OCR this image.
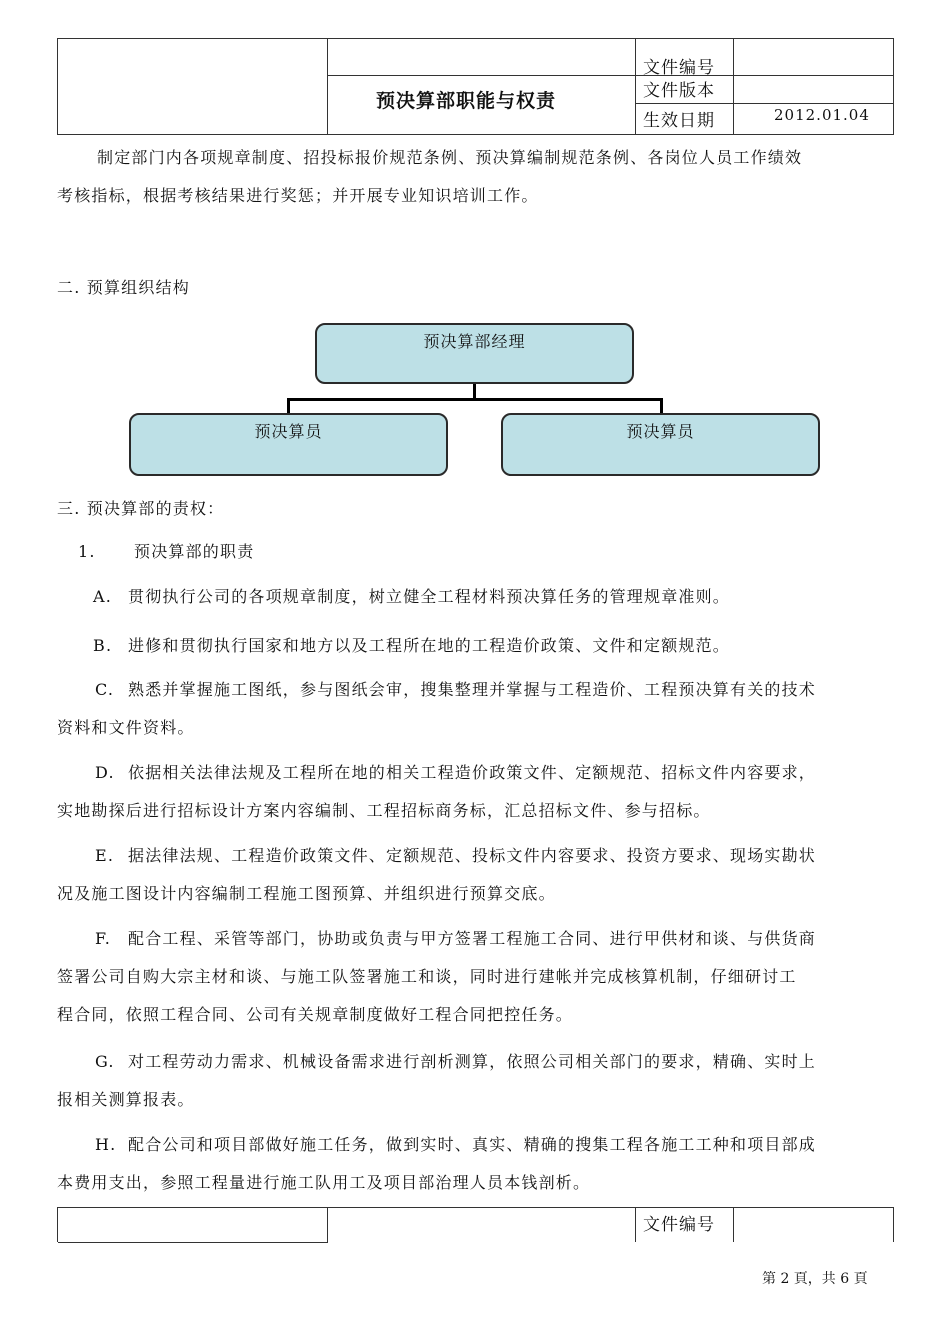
预决算部职能与权责
文件编号
文件版本
生效日期	2012.01.04
制定部门内各项规章制度、招投标报价规范条例、预决算编制规范条例、各岗位人员工作绩效
考核指标，根据考核结果进行奖惩；并开展专业知识培训工作。
二. 预算组织结构
预决算部经理
预决算员	预决算员
三. 预决算部的责权：
1. 预决算部的职责
A. 贯彻执行公司的各项规章制度，树立健全工程材料预决算任务的管理规章准则。
B. 进修和贯彻执行国家和地方以及工程所在地的工程造价政策、文件和定额规范。
C. 熟悉并掌握施工图纸，参与图纸会审，搜集整理并掌握与工程造价、工程预决算有关的技术
资料和文件资料。
D. 依据相关法律法规及工程所在地的相关工程造价政策文件、定额规范、招标文件内容要求，
实地勘探后进行招标设计方案内容编制、工程招标商务标，汇总招标文件、参与招标。
E. 据法律法规、工程造价政策文件、定额规范、投标文件内容要求、投资方要求、现场实勘状
况及施工图设计内容编制工程施工图预算、并组织进行预算交底。
F. 配合工程、采管等部门，协助或负责与甲方签署工程施工合同、进行甲供材和谈、与供货商
签署公司自购大宗主材和谈、与施工队签署施工和谈，同时进行建帐并完成核算机制，仔细研讨工
程合同，依照工程合同、公司有关规章制度做好工程合同把控任务。
G. 对工程劳动力需求、机械设备需求进行剖析测算，依照公司相关部门的要求，精确、实时上
报相关测算报表。
H. 配合公司和项目部做好施工任务，做到实时、真实、精确的搜集工程各施工工种和项目部成
本费用支出，参照工程量进行施工队用工及项目部治理人员本钱剖析。
文件编号
第 2 頁，共 6 頁
